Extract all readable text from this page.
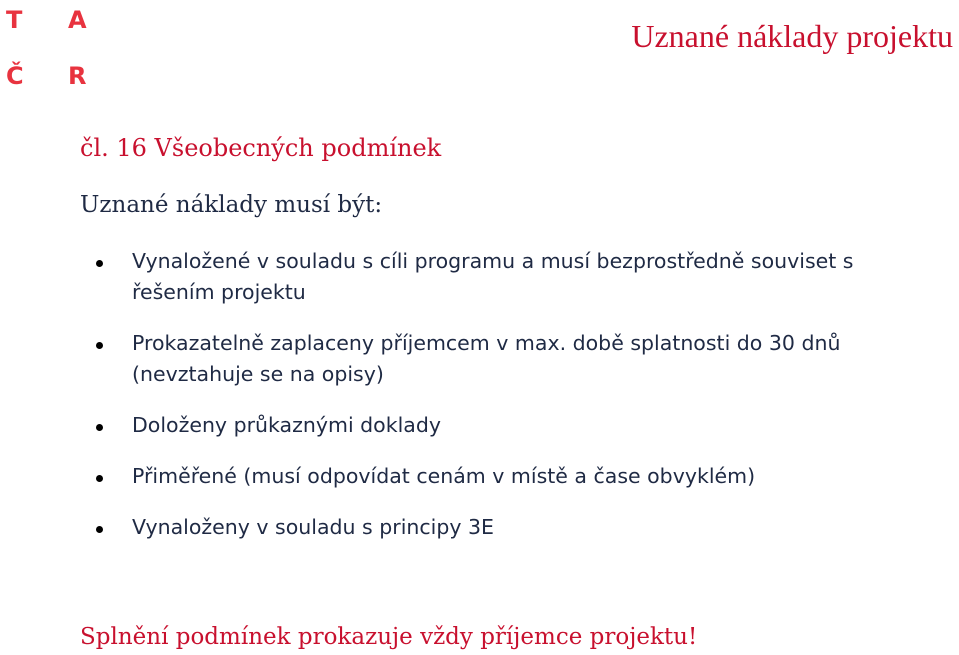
T A
Č R
Uznané náklady projektu
čl. 16 Všeobecných podmínek
Uznané náklady musí být:
Vynaložené v souladu s cíli programu a musí bezprostředně souviset s řešením projektu
Prokazatelně zaplaceny příjemcem v max. době splatnosti do 30 dnů (nevztahuje se na opisy)
Doloženy průkaznými doklady
Přiměřené (musí odpovídat cenám v místě a čase obvyklém)
Vynaloženy v souladu s principy 3E
Splnění podmínek prokazuje vždy příjemce projektu!
